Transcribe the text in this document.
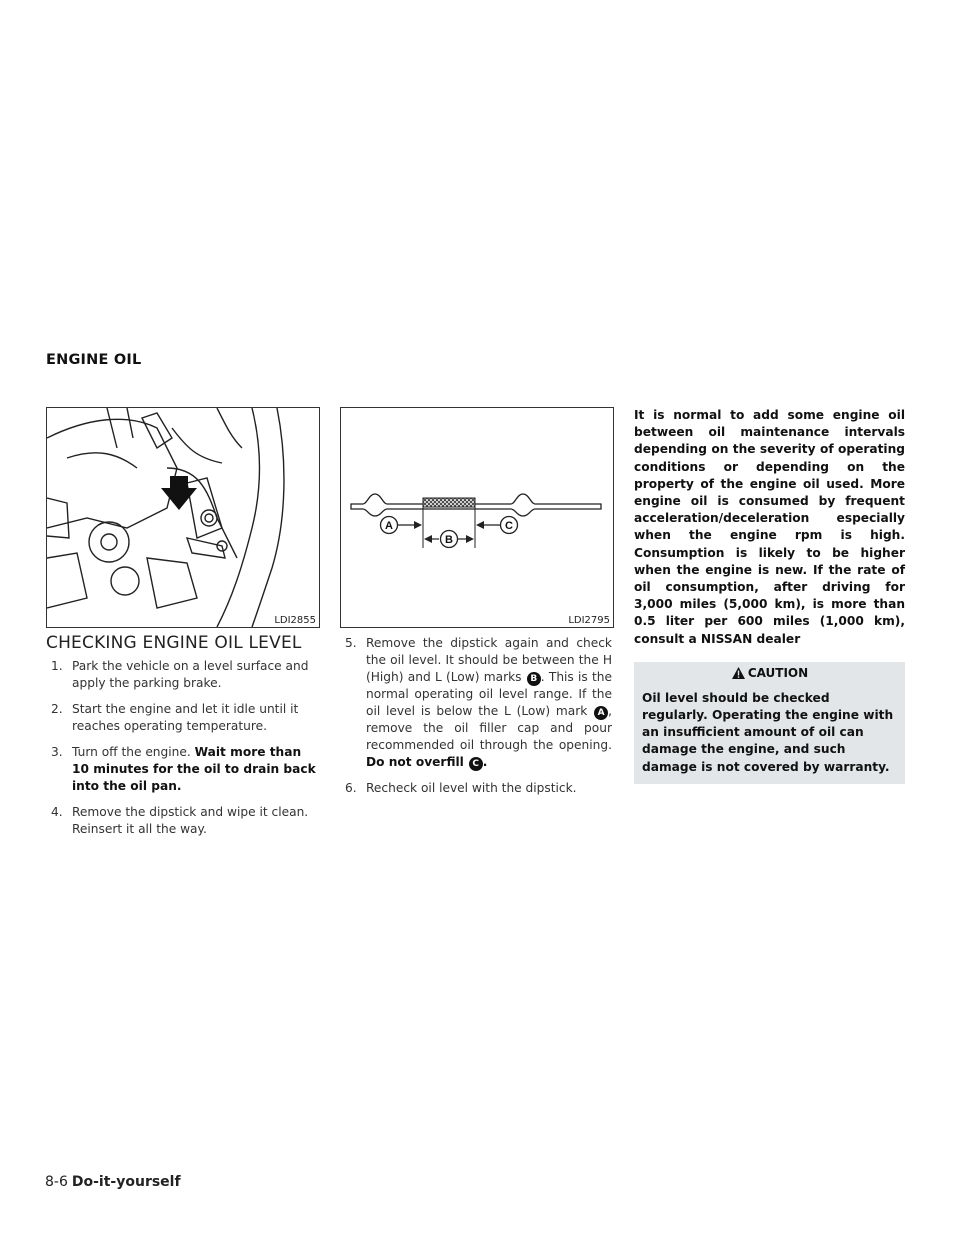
ENGINE OIL
LDI2855
A
B
C
LDI2795
CHECKING ENGINE OIL LEVEL
1. Park the vehicle on a level surface and apply the parking brake.
2. Start the engine and let it idle until it reaches operating temperature.
3. Turn off the engine. Wait more than 10 minutes for the oil to drain back into the oil pan.
4. Remove the dipstick and wipe it clean. Reinsert it all the way.
5. Remove the dipstick again and check the oil level. It should be between the H (High) and L (Low) marks B . This is the normal operating oil level range. If the oil level is below the L (Low) mark A , remove the oil filler cap and pour recommended oil through the opening. Do not overfill C .
6. Recheck oil level with the dipstick.

It is normal to add some engine oil between oil maintenance intervals depending on the severity of operating conditions or depending on the property of the engine oil used. More engine oil is consumed by frequent acceleration/deceleration especially when the engine rpm is high. Consumption is likely to be higher when the engine is new. If the rate of oil consumption, after driving for 3,000 miles (5,000 km), is more than 0.5 liter per 600 miles (1,000 km), consult a NISSAN dealer

CAUTION
Oil level should be checked regularly. Operating the engine with an insufficient amount of oil can damage the engine, and such damage is not covered by warranty.
8-6 Do-it-yourself
